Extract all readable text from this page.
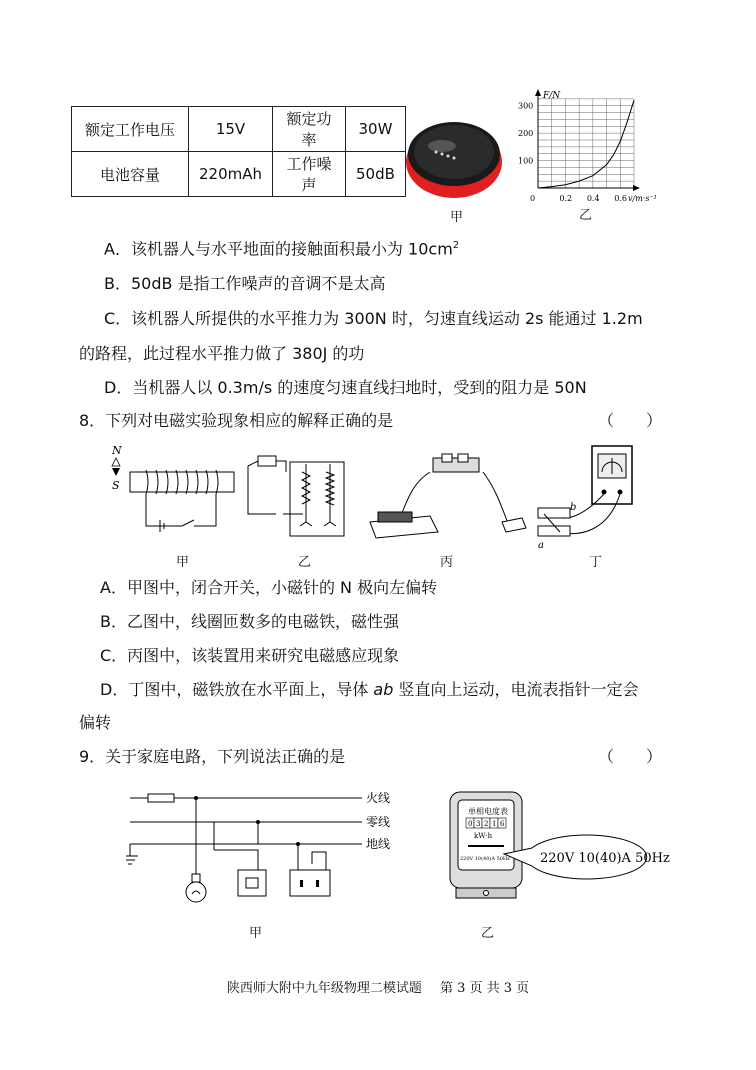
额定工作电压	15V	额定功率	30W
电池容量	220mAh	工作噪声	50dB
甲
F/N
v/m·s⁻¹
300
200
100
0	0.2 0.4 0.6
乙
A．该机器人与水平地面的接触面积最小为 $10cm^2$
B．50dB 是指工作噪声的音调不是太高
C．该机器人所提供的水平推力为 300N 时，匀速直线运动 2s 能通过 1.2m
的路程，此过程水平推力做了 380J 的功
D．当机器人以 0.3m/s 的速度匀速直线扫地时，受到的阻力是 50N
8．下列对电磁实验现象相应的解释正确的是	（　　）
N
S
b
a
甲	乙	丙	丁
A．甲图中，闭合开关，小磁针的 N 极向左偏转
B．乙图中，线圈匝数多的电磁铁，磁性强
C．丙图中，该装置用来研究电磁感应现象
D．丁图中，磁铁放在水平面上，导体 ab 竖直向上运动，电流表指针一定会
偏转
9．关于家庭电路，下列说法正确的是	（　　）
火线
零线
地线
单相电度表
0 3 2 1 6
kW·h
220V 10(40)A 50Hz 220V 10(40)A 50Hz
甲	乙
陕西师大附中九年级物理二模试题 第 3 页 共 3 页
